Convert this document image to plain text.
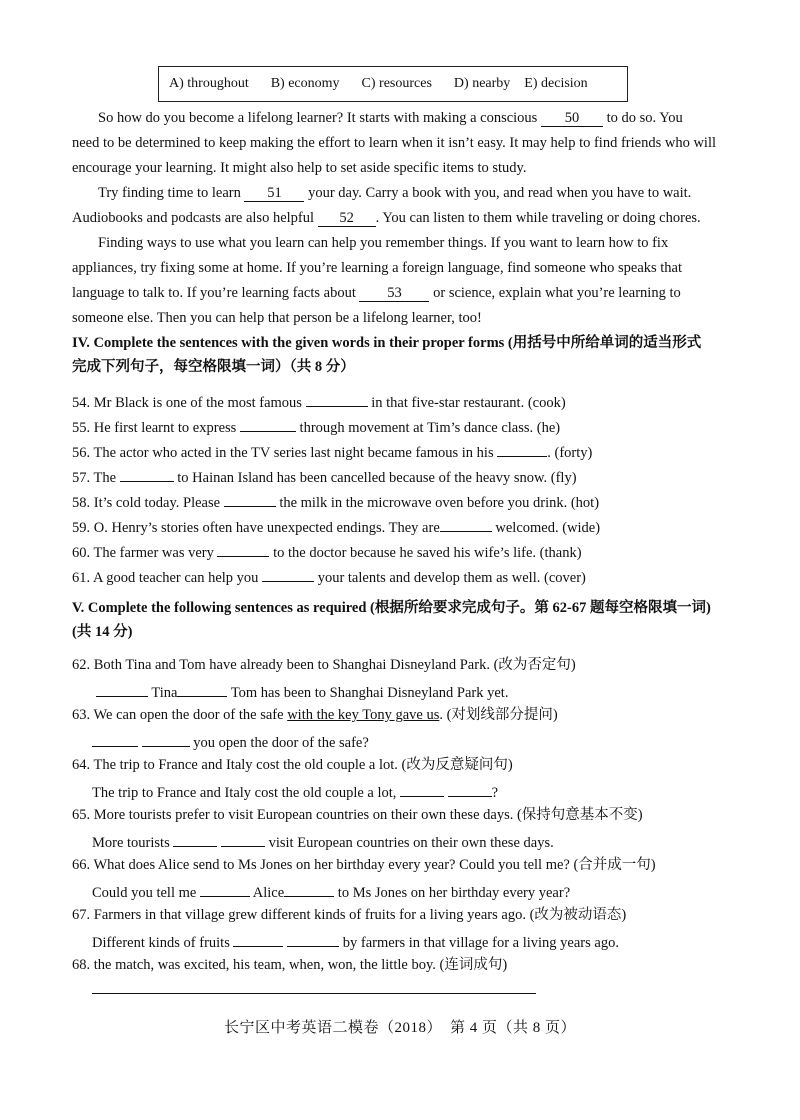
A) throughout B) economy C) resources D) nearby E) decision
So how do you become a lifelong learner? It starts with making a conscious 50 to do so. You
need to be determined to keep making the effort to learn when it isn’t easy. It may help to find friends who will
encourage your learning. It might also help to set aside specific items to study.
Try finding time to learn 51 your day. Carry a book with you, and read when you have to wait.
Audiobooks and podcasts are also helpful 52 . You can listen to them while traveling or doing chores.
Finding ways to use what you learn can help you remember things. If you want to learn how to fix
appliances, try fixing some at home. If you’re learning a foreign language, find someone who speaks that
language to talk to. If you’re learning facts about 53 or science, explain what you’re learning to
someone else. Then you can help that person be a lifelong learner, too!
IV. Complete the sentences with the given words in their proper forms (用括号中所给单词的适当形式
完成下列句子，每空格限填一词）（共 8 分）
54. Mr Black is one of the most famous	in that five-star restaurant. (cook)
55. He first learnt to express	through movement at Tim’s dance class. (he)
56. The actor who acted in the TV series last night became famous in his	. (forty)
57. The	to Hainan Island has been cancelled because of the heavy snow. (fly)
58. It’s cold today. Please	the milk in the microwave oven before you drink. (hot)
59. O. Henry’s stories often have unexpected endings. They are	welcomed. (wide)
60. The farmer was very	to the doctor because he saved his wife’s life. (thank)
61. A good teacher can help you	your talents and develop them as well. (cover)
V. Complete the following sentences as required (根据所给要求完成句子。第 62-67 题每空格限填一词)
(共 14 分)
62. Both Tina and Tom have already been to Shanghai Disneyland Park. (改为否定句)
Tina	Tom has been to Shanghai Disneyland Park yet.
63. We can open the door of the safe with the key Tony gave us. (对划线部分提问)
you open the door of the safe?
64. The trip to France and Italy cost the old couple a lot. (改为反意疑问句)
The trip to France and Italy cost the old couple a lot,	?
65. More tourists prefer to visit European countries on their own these days. (保持句意基本不变)
More tourists	visit European countries on their own these days.
66. What does Alice send to Ms Jones on her birthday every year? Could you tell me? (合并成一句)
Could you tell me	Alice	to Ms Jones on her birthday every year?
67. Farmers in that village grew different kinds of fruits for a living years ago. (改为被动语态)
Different kinds of fruits	by farmers in that village for a living years ago.
68. the match, was excited, his team, when, won, the little boy. (连词成句)
长宁区中考英语二模卷（2018）　第 4 页（共 8 页）
